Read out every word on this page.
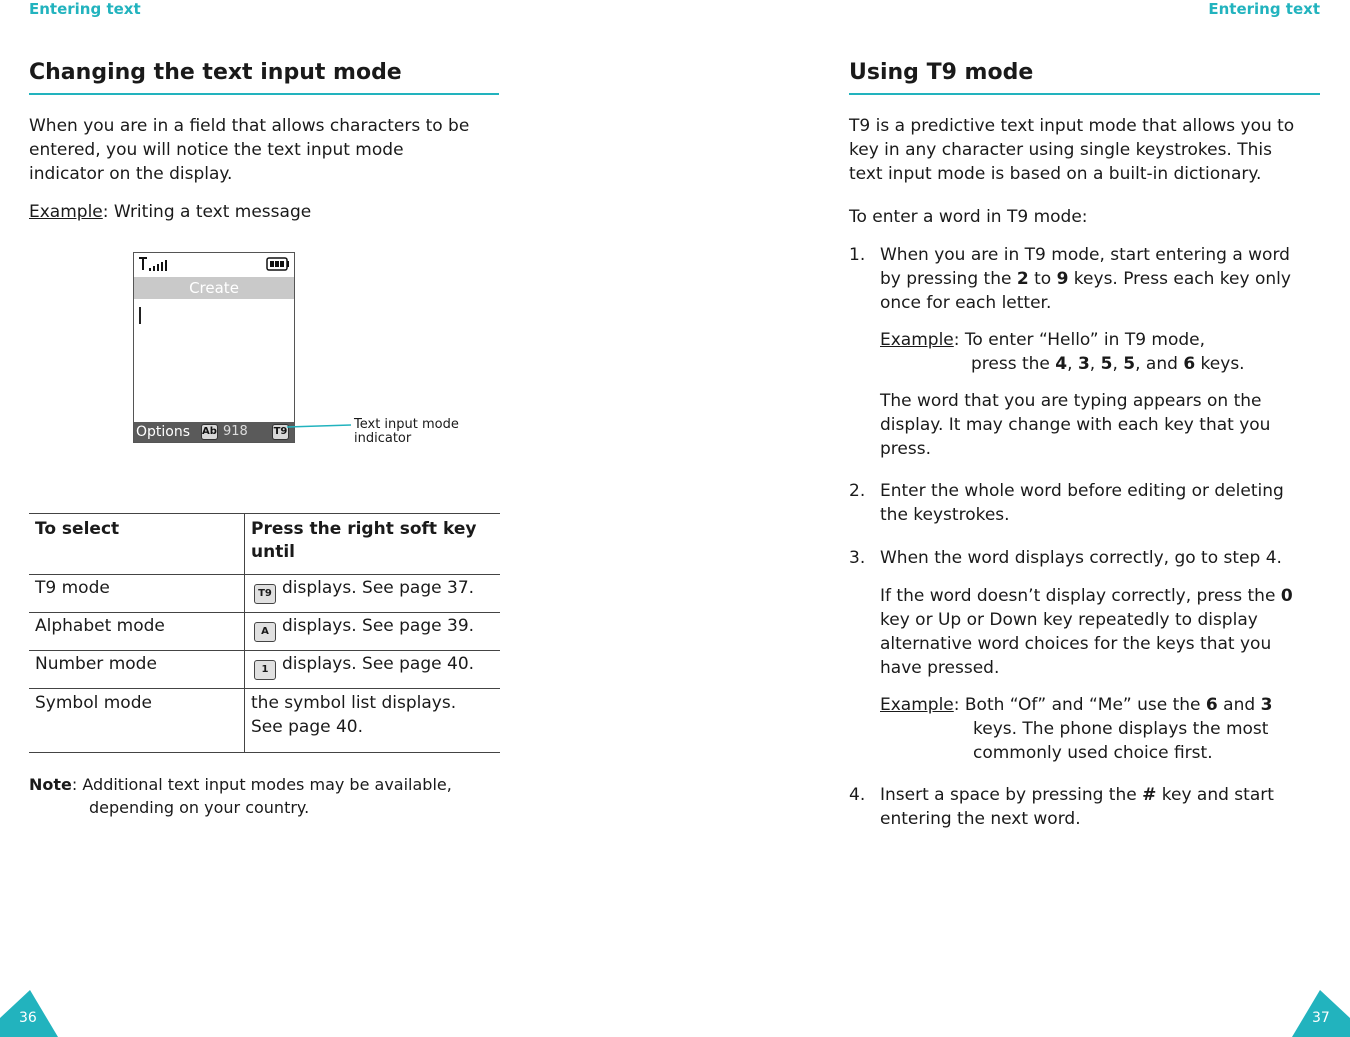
Entering text
Changing the text input mode
When you are in a field that allows characters to be
entered, you will notice the text input mode
indicator on the display.
Example: Writing a text message
Create
Options Ab 918	T9	Text input mode
indicator
To select	Press the right soft key
until

T9 mode	T9 displays. See page 37.
Alphabet mode	A displays. See page 39.
Number mode	1 displays. See page 40.
Symbol mode	the symbol list displays.
See page 40.
Note: Additional text input modes may be available,
depending on your country.
36
Entering text
Using T9 mode
T9 is a predictive text input mode that allows you to
key in any character using single keystrokes. This
text input mode is based on a built-in dictionary.
To enter a word in T9 mode:
1. When you are in T9 mode, start entering a word
by pressing the 2 to 9 keys. Press each key only
once for each letter.
Example: To enter “Hello” in T9 mode,
press the 4, 3, 5, 5, and 6 keys.
The word that you are typing appears on the
display. It may change with each key that you
press.
2. Enter the whole word before editing or deleting
the keystrokes.
3. When the word displays correctly, go to step 4.
If the word doesn’t display correctly, press the 0
key or Up or Down key repeatedly to display
alternative word choices for the keys that you
have pressed.
Example: Both “Of” and “Me” use the 6 and 3
keys. The phone displays the most
commonly used choice first.
4. Insert a space by pressing the # key and start
entering the next word.
37
